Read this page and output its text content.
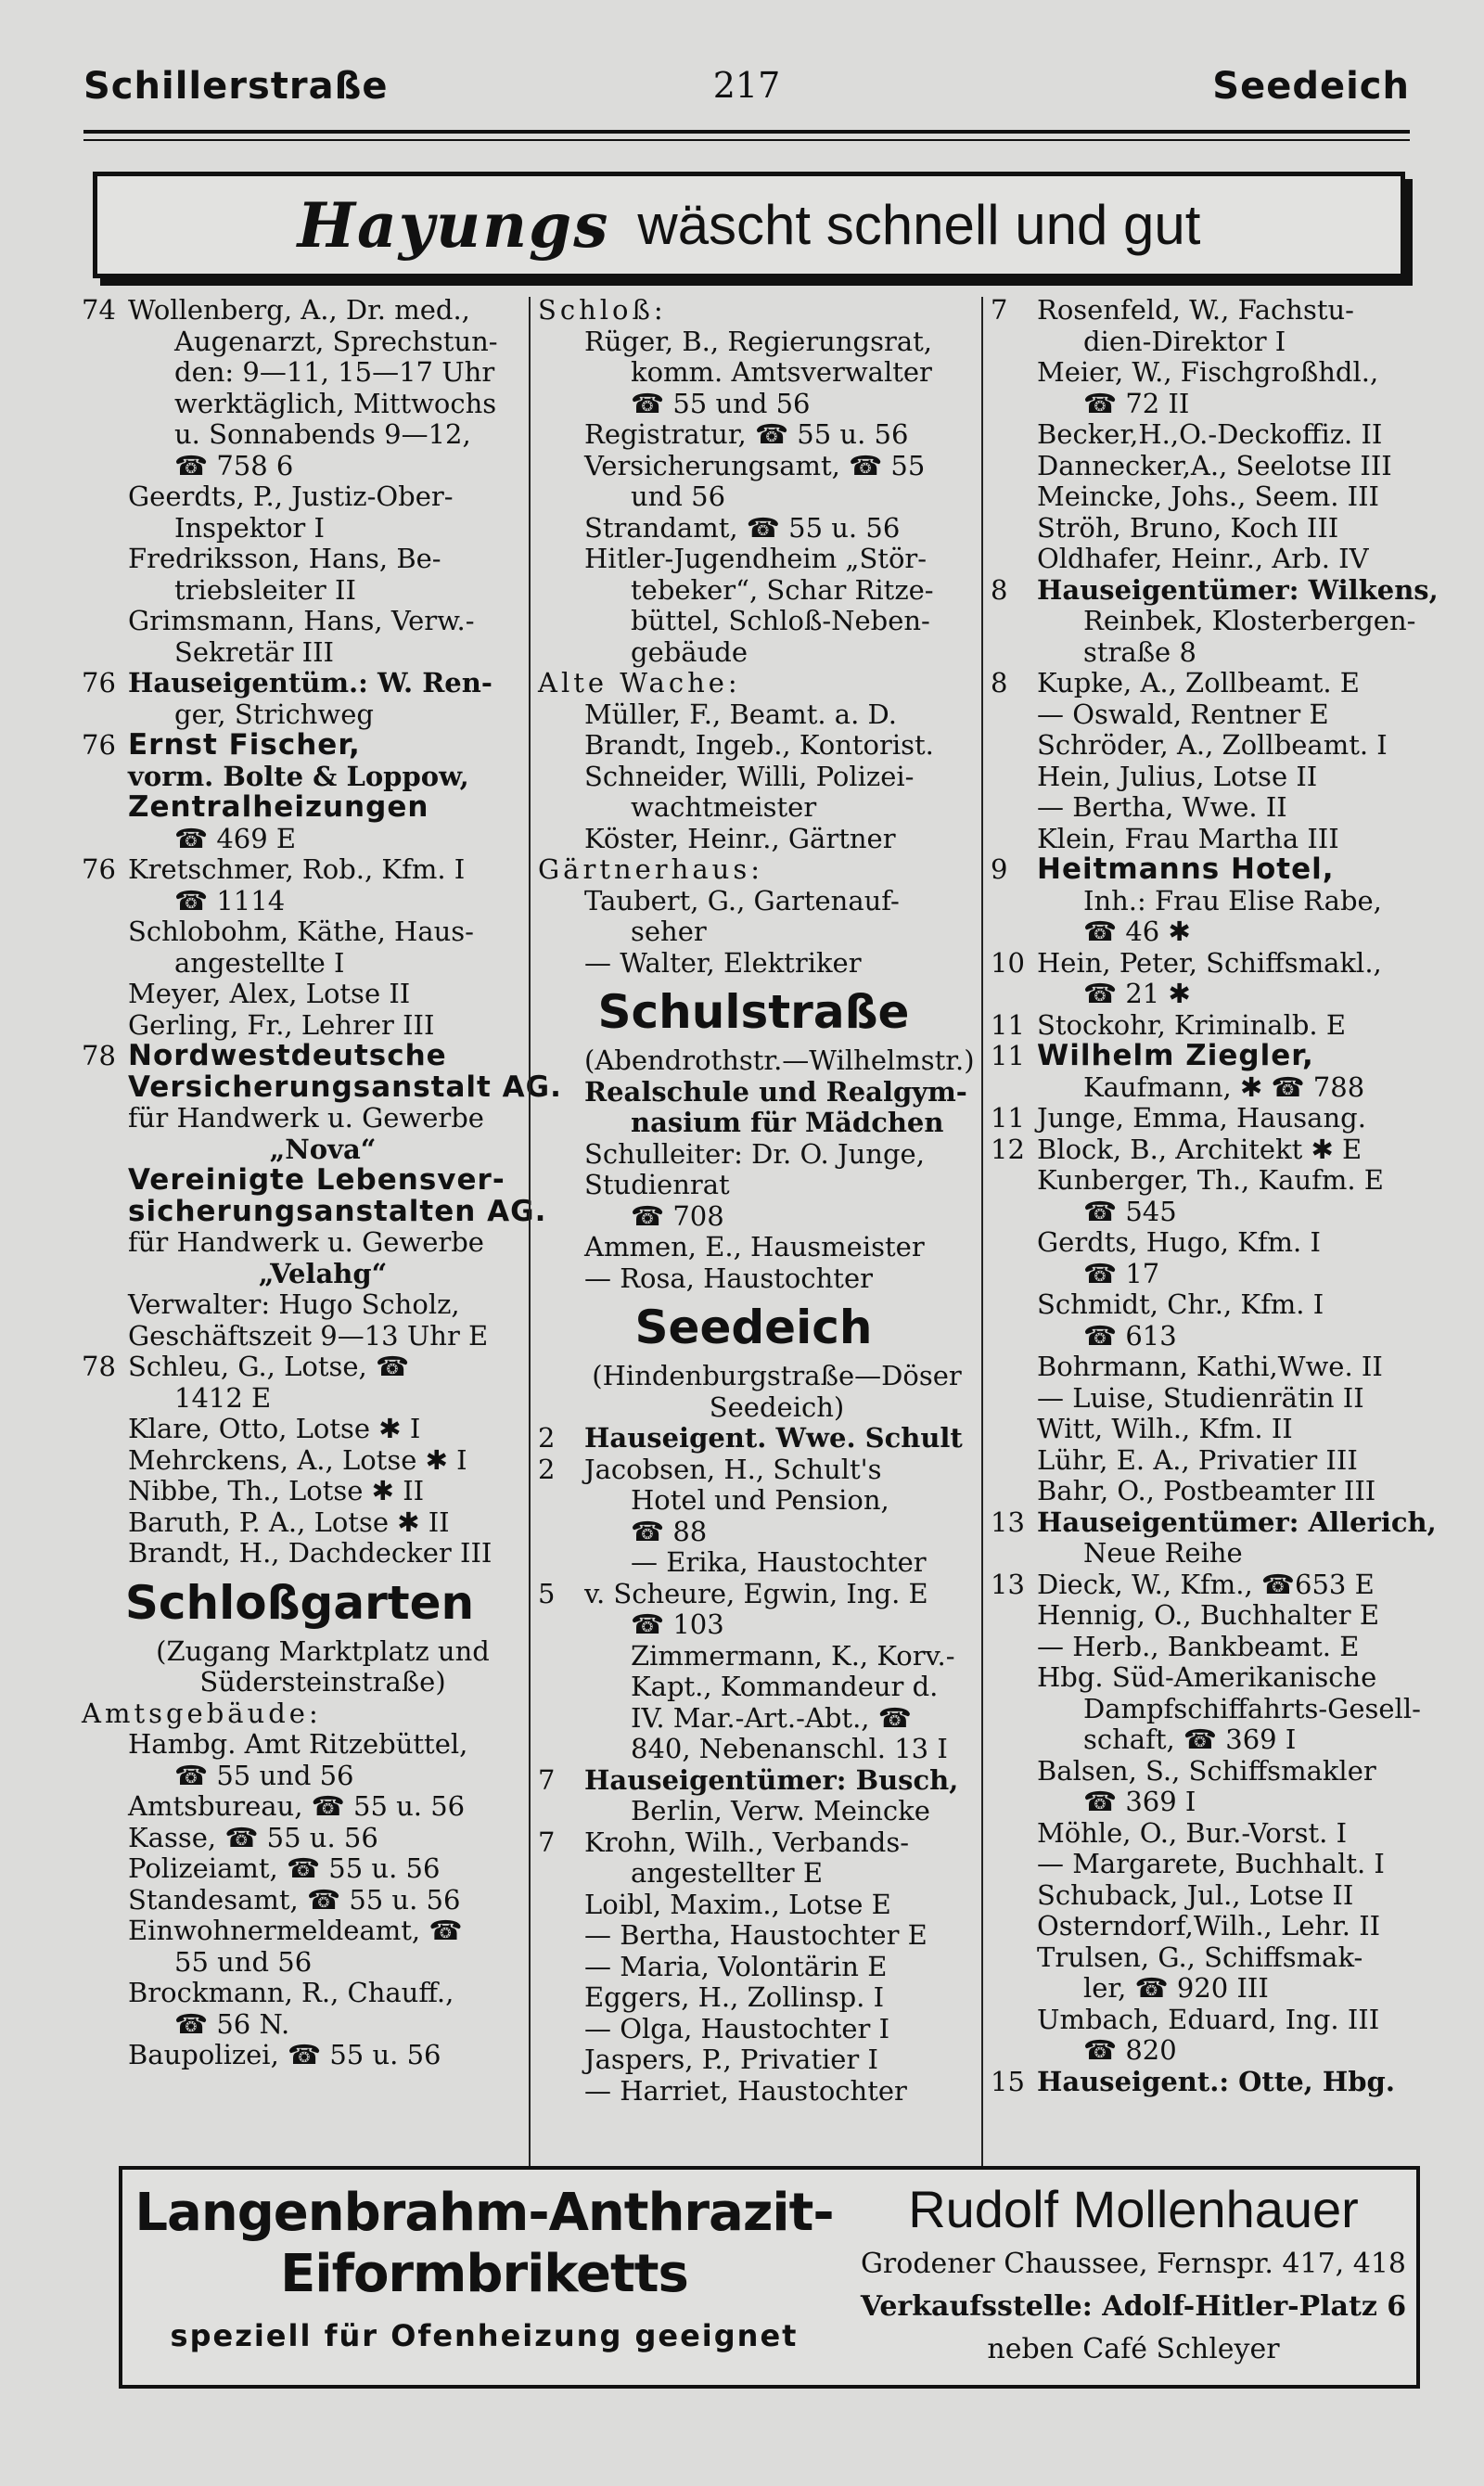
Schillerstraße	217	Seedeich
Hayungs wäscht schnell und gut
74 Wollenberg, A., Dr. med.,
Augenarzt, Sprechstun-
den: 9—11, 15—17 Uhr
werktäglich, Mittwochs
u. Sonnabends 9—12,
☎ 758 6
Geerdts, P., Justiz-Ober-
Inspektor I
Fredriksson, Hans, Be-
triebsleiter II
Grimsmann, Hans, Verw.-
Sekretär III
76 Hauseigentüm.: W. Ren-
ger, Strichweg
76 Ernst Fischer,
vorm. Bolte & Loppow,
Zentralheizungen
☎ 469 E
76 Kretschmer, Rob., Kfm. I
☎ 1114
Schlobohm, Käthe, Haus-
angestellte I
Meyer, Alex, Lotse II
Gerling, Fr., Lehrer III
78 Nordwestdeutsche
Versicherungsanstalt AG.
für Handwerk u. Gewerbe
„Nova“
Vereinigte Lebensver-
sicherungsanstalten AG.
für Handwerk u. Gewerbe
„Velahg“
Verwalter: Hugo Scholz,
Geschäftszeit 9—13 Uhr E
78 Schleu, G., Lotse, ☎
1412 E
Klare, Otto, Lotse ✱ I
Mehrckens, A., Lotse ✱ I
Nibbe, Th., Lotse ✱ II
Baruth, P. A., Lotse ✱ II
Brandt, H., Dachdecker III
Schloßgarten
(Zugang Marktplatz und
Südersteinstraße)
Amtsgebäude:
Hambg. Amt Ritzebüttel,
☎ 55 und 56
Amtsbureau, ☎ 55 u. 56
Kasse, ☎ 55 u. 56
Polizeiamt, ☎ 55 u. 56
Standesamt, ☎ 55 u. 56
Einwohnermeldeamt, ☎
55 und 56
Brockmann, R., Chauff.,
☎ 56 N.
Baupolizei, ☎ 55 u. 56
Schloß:
Rüger, B., Regierungsrat,
komm. Amtsverwalter
☎ 55 und 56
Registratur, ☎ 55 u. 56
Versicherungsamt, ☎ 55
und 56
Strandamt, ☎ 55 u. 56
Hitler-Jugendheim „Stör-
tebeker“, Schar Ritze-
büttel, Schloß-Neben-
gebäude
Alte Wache:
Müller, F., Beamt. a. D.
Brandt, Ingeb., Kontorist.
Schneider, Willi, Polizei-
wachtmeister
Köster, Heinr., Gärtner
Gärtnerhaus:
Taubert, G., Gartenauf-
seher
— Walter, Elektriker
Schulstraße
(Abendrothstr.—Wilhelmstr.)
Realschule und Realgym-
nasium für Mädchen
Schulleiter: Dr. O. Junge,
Studienrat
☎ 708
Ammen, E., Hausmeister
— Rosa, Haustochter
Seedeich
(Hindenburgstraße—Döser
Seedeich)
2	Hauseigent. Wwe. Schult
2	Jacobsen, H., Schult's
Hotel und Pension,
☎ 88
— Erika, Haustochter
5	v. Scheure, Egwin, Ing. E
☎ 103
Zimmermann, K., Korv.-
Kapt., Kommandeur d.
IV. Mar.-Art.-Abt., ☎
840, Nebenanschl. 13 I
7	Hauseigentümer: Busch,
Berlin, Verw. Meincke
7	Krohn, Wilh., Verbands-
angestellter E
Loibl, Maxim., Lotse E
— Bertha, Haustochter E
— Maria, Volontärin E
Eggers, H., Zollinsp. I
— Olga, Haustochter I
Jaspers, P., Privatier I
— Harriet, Haustochter
7	Rosenfeld, W., Fachstu-
dien-Direktor I
Meier, W., Fischgroßhdl.,
☎ 72 II
Becker,H.,O.-Deckoffiz. II
Dannecker,A., Seelotse III
Meincke, Johs., Seem. III
Ströh, Bruno, Koch III
Oldhafer, Heinr., Arb. IV
8	Hauseigentümer: Wilkens,
Reinbek, Klosterbergen-
straße 8
8	Kupke, A., Zollbeamt. E
— Oswald, Rentner E
Schröder, A., Zollbeamt. I
Hein, Julius, Lotse II
— Bertha, Wwe. II
Klein, Frau Martha III
9	Heitmanns Hotel,
Inh.: Frau Elise Rabe,
☎ 46 ✱
10 Hein, Peter, Schiffsmakl.,
☎ 21 ✱
11 Stockohr, Kriminalb. E
11 Wilhelm Ziegler,
Kaufmann, ✱ ☎ 788
11 Junge, Emma, Hausang.
12 Block, B., Architekt ✱ E
Kunberger, Th., Kaufm. E
☎ 545
Gerdts, Hugo, Kfm. I
☎ 17
Schmidt, Chr., Kfm. I
☎ 613
Bohrmann, Kathi,Wwe. II
— Luise, Studienrätin II
Witt, Wilh., Kfm. II
Lühr, E. A., Privatier III
Bahr, O., Postbeamter III
13 Hauseigentümer: Allerich,
Neue Reihe
13 Dieck, W., Kfm., ☎653 E
Hennig, O., Buchhalter E
— Herb., Bankbeamt. E
Hbg. Süd-Amerikanische
Dampfschiffahrts-Gesell-
schaft, ☎ 369 I
Balsen, S., Schiffsmakler
☎ 369 I
Möhle, O., Bur.-Vorst. I
— Margarete, Buchhalt. I
Schuback, Jul., Lotse II
Osterndorf,Wilh., Lehr. II
Trulsen, G., Schiffsmak-
ler, ☎ 920 III
Umbach, Eduard, Ing. III
☎ 820
15 Hauseigent.: Otte, Hbg.
Langenbrahm-Anthrazit-
Eiformbriketts
speziell für Ofenheizung geeignet
Rudolf Mollenhauer
Grodener Chaussee, Fernspr. 417, 418
Verkaufsstelle: Adolf-Hitler-Platz 6
neben Café Schleyer
